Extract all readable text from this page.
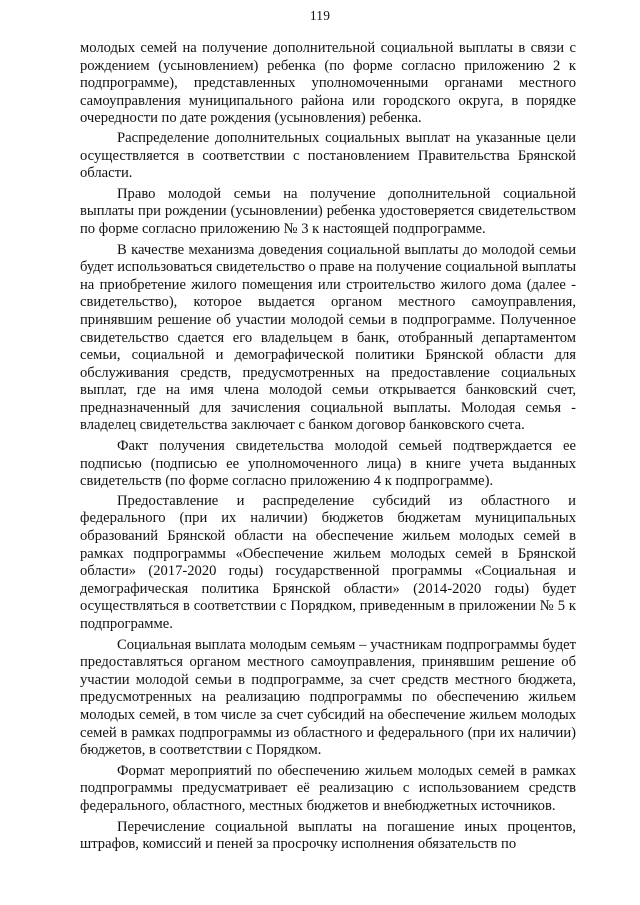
119

молодых семей на получение дополнительной социальной выплаты в связи с рождением (усыновлением) ребенка (по форме согласно приложению 2 к подпрограмме), представленных уполномоченными органами местного самоуправления муниципального района или городского округа, в порядке очередности по дате рождения (усыновления) ребенка.

Распределение дополнительных социальных выплат на указанные цели осуществляется в соответствии с постановлением Правительства Брянской области.

Право молодой семьи на получение дополнительной социальной выплаты при рождении (усыновлении) ребенка удостоверяется свидетельством по форме согласно приложению № 3 к настоящей подпрограмме.

В качестве механизма доведения социальной выплаты до молодой семьи будет использоваться свидетельство о праве на получение социальной выплаты на приобретение жилого помещения или строительство жилого дома (далее - свидетельство), которое выдается органом местного самоуправления, принявшим решение об участии молодой семьи в подпрограмме. Полученное свидетельство сдается его владельцем в банк, отобранный департаментом семьи, социальной и демографической политики Брянской области для обслуживания средств, предусмотренных на предоставление социальных выплат, где на имя члена молодой семьи открывается банковский счет, предназначенный для зачисления социальной выплаты. Молодая семья - владелец свидетельства заключает с банком договор банковского счета.

Факт получения свидетельства молодой семьей подтверждается ее подписью (подписью ее уполномоченного лица) в книге учета выданных свидетельств (по форме согласно приложению 4 к подпрограмме).

Предоставление и распределение субсидий из областного и федерального (при их наличии) бюджетов бюджетам муниципальных образований Брянской области на обеспечение жильем молодых семей в рамках подпрограммы «Обеспечение жильем молодых семей в Брянской области» (2017-2020 годы) государственной программы «Социальная и демографическая политика Брянской области» (2014-2020 годы) будет осуществляться в соответствии с Порядком, приведенным в приложении № 5 к подпрограмме.

Социальная выплата молодым семьям – участникам подпрограммы будет предоставляться органом местного самоуправления, принявшим решение об участии молодой семьи в подпрограмме, за счет средств местного бюджета, предусмотренных на реализацию подпрограммы по обеспечению жильем молодых семей, в том числе за счет субсидий на обеспечение жильем молодых семей в рамках подпрограммы из областного и федерального (при их наличии) бюджетов, в соответствии с Порядком.

Формат мероприятий по обеспечению жильем молодых семей в рамках подпрограммы предусматривает её реализацию с использованием средств федерального, областного, местных бюджетов и внебюджетных источников.

Перечисление социальной выплаты на погашение иных процентов, штрафов, комиссий и пеней за просрочку исполнения обязательств по
